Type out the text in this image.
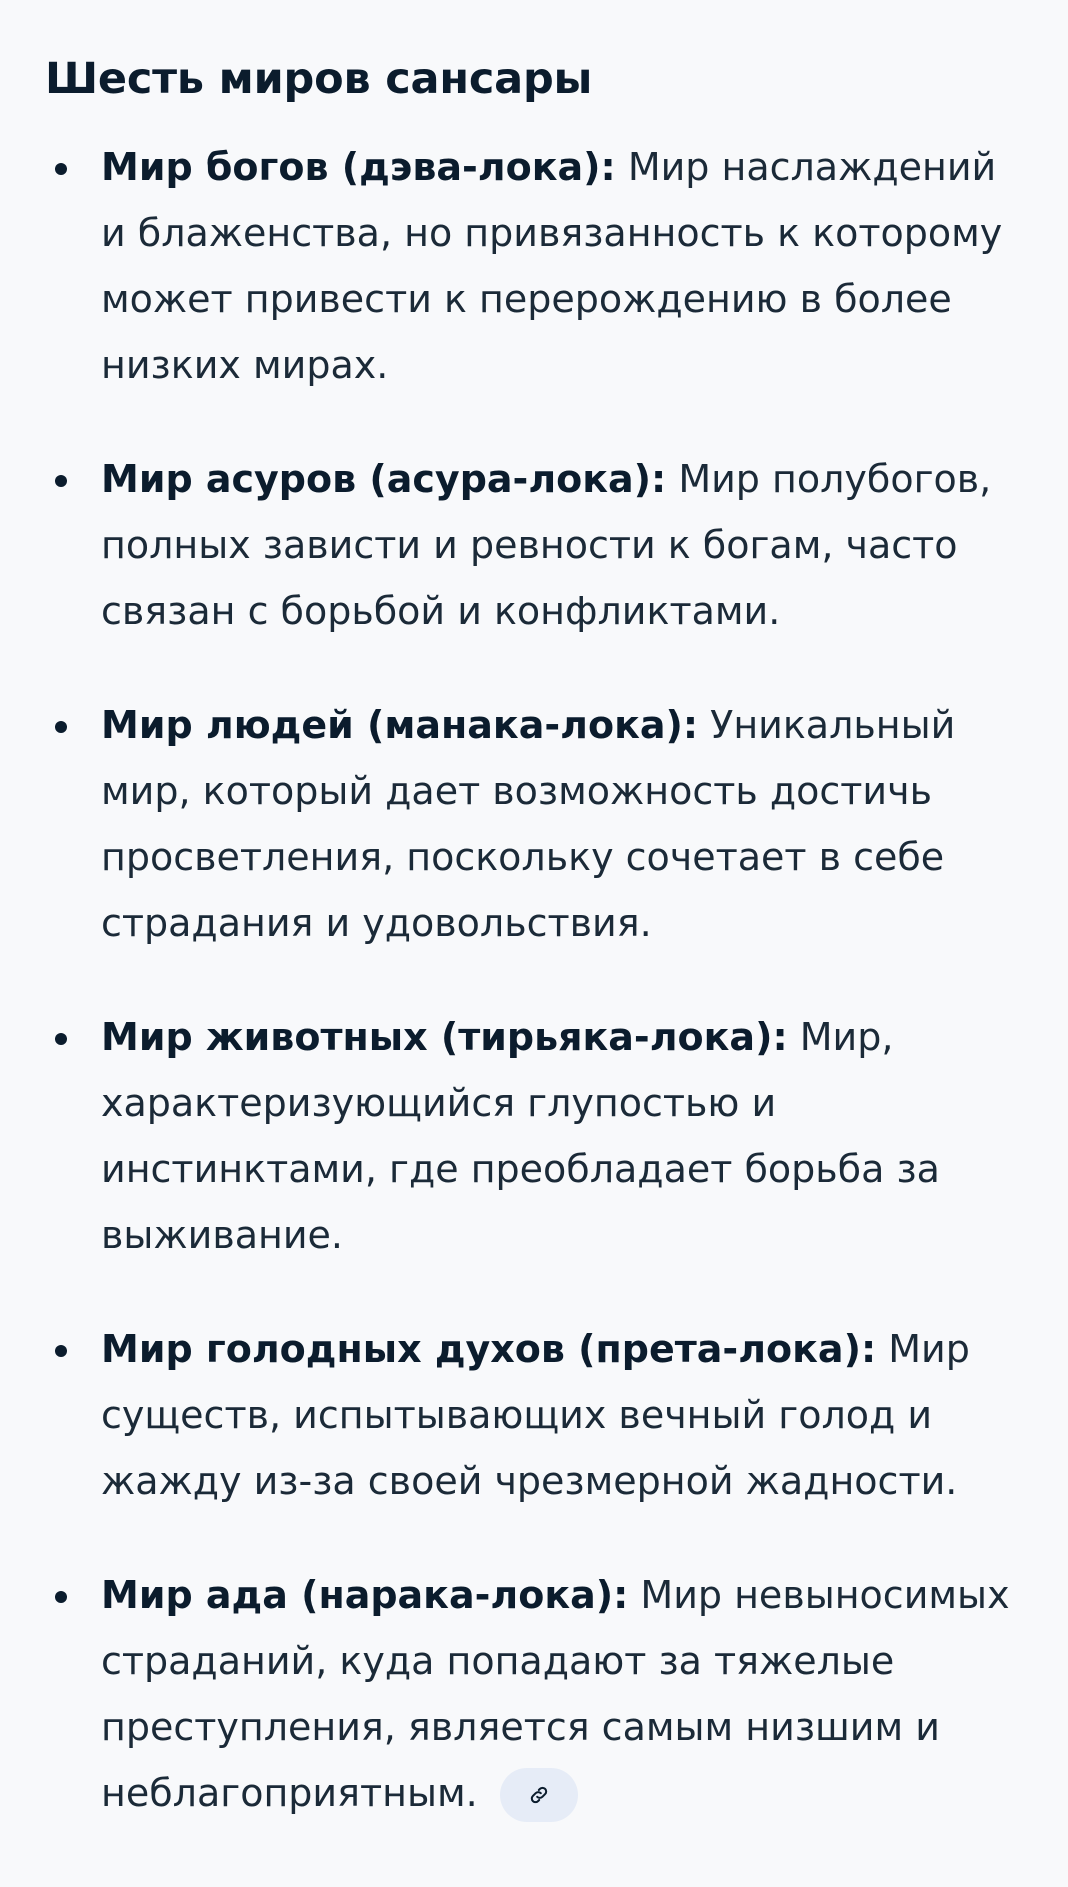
Шесть миров сансары
Мир богов (дэва-лока): Мир наслаждений и блаженства, но привязанность к которому может привести к перерождению в более низких мирах.
Мир асуров (асура-лока): Мир полубогов, полных зависти и ревности к богам, часто связан с борьбой и конфликтами.
Мир людей (манака-лока): Уникальный мир, который дает возможность достичь просветления, поскольку сочетает в себе страдания и удовольствия.
Мир животных (тирьяка-лока): Мир, характеризующийся глупостью и инстинктами, где преобладает борьба за выживание.
Мир голодных духов (прета-лока): Мир существ, испытывающих вечный голод и жажду из-за своей чрезмерной жадности.
Мир ада (нарака-лока): Мир невыносимых страданий, куда попадают за тяжелые преступления, является самым низшим и неблагоприятным.
